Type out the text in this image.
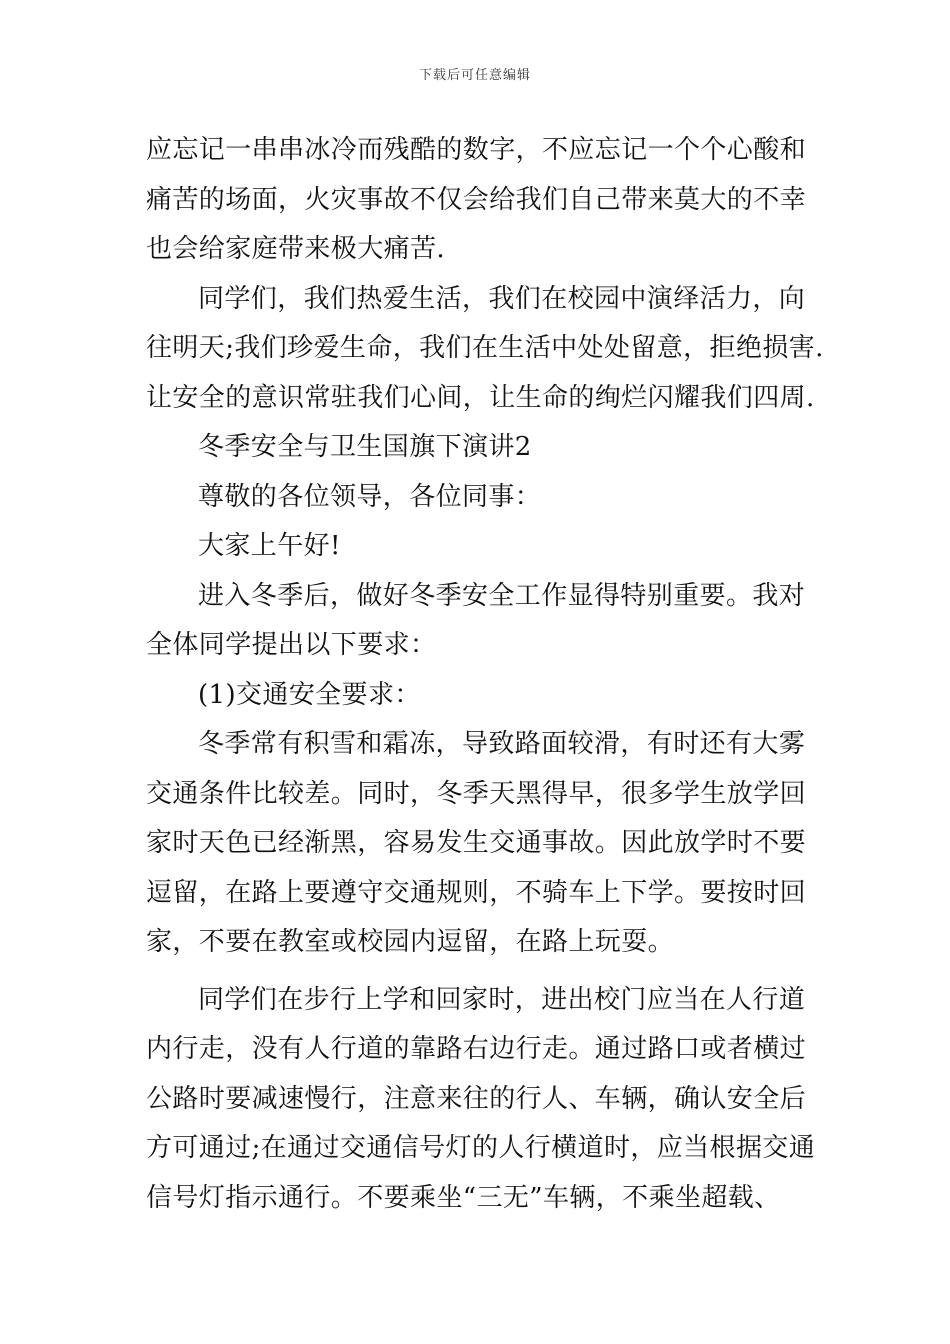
下载后可任意编辑
应忘记一串串冰冷而残酷的数字，不应忘记一个个心酸和
痛苦的场面，火灾事故不仅会给我们自己带来莫大的不幸
也会给家庭带来极大痛苦.
同学们，我们热爱生活，我们在校园中演绎活力，向
往明天;我们珍爱生命，我们在生活中处处留意，拒绝损害.
让安全的意识常驻我们心间，让生命的绚烂闪耀我们四周.
冬季安全与卫生国旗下演讲2
尊敬的各位领导，各位同事：
大家上午好!
进入冬季后，做好冬季安全工作显得特别重要。我对
全体同学提出以下要求：
(1)交通安全要求：
冬季常有积雪和霜冻，导致路面较滑，有时还有大雾
交通条件比较差。同时，冬季天黑得早，很多学生放学回
家时天色已经渐黑，容易发生交通事故。因此放学时不要
逗留，在路上要遵守交通规则，不骑车上下学。要按时回
家，不要在教室或校园内逗留，在路上玩耍。
同学们在步行上学和回家时，进出校门应当在人行道
内行走，没有人行道的靠路右边行走。通过路口或者横过
公路时要减速慢行，注意来往的行人、车辆，确认安全后
方可通过;在通过交通信号灯的人行横道时，应当根据交通
信号灯指示通行。不要乘坐“三无”车辆，不乘坐超载、
